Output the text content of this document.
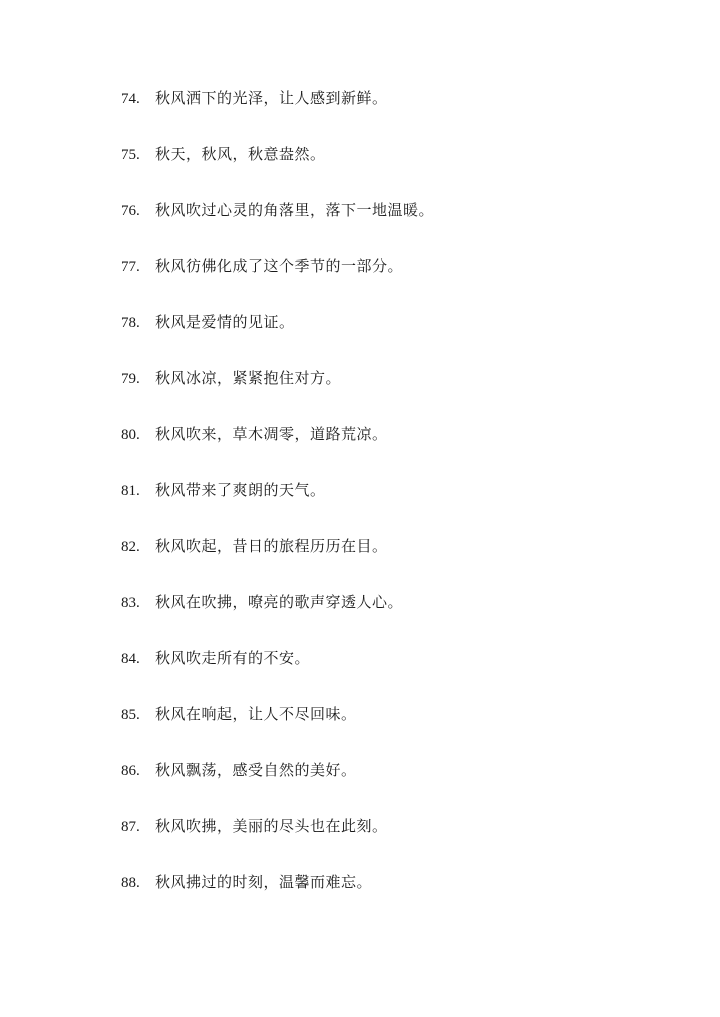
74. 秋风洒下的光泽，让人感到新鲜。
75. 秋天，秋风，秋意盎然。
76. 秋风吹过心灵的角落里，落下一地温暖。
77. 秋风彷佛化成了这个季节的一部分。
78. 秋风是爱情的见证。
79. 秋风冰凉，紧紧抱住对方。
80. 秋风吹来，草木凋零，道路荒凉。
81. 秋风带来了爽朗的天气。
82. 秋风吹起，昔日的旅程历历在目。
83. 秋风在吹拂，嘹亮的歌声穿透人心。
84. 秋风吹走所有的不安。
85. 秋风在响起，让人不尽回味。
86. 秋风飘荡，感受自然的美好。
87. 秋风吹拂，美丽的尽头也在此刻。
88. 秋风拂过的时刻，温馨而难忘。
